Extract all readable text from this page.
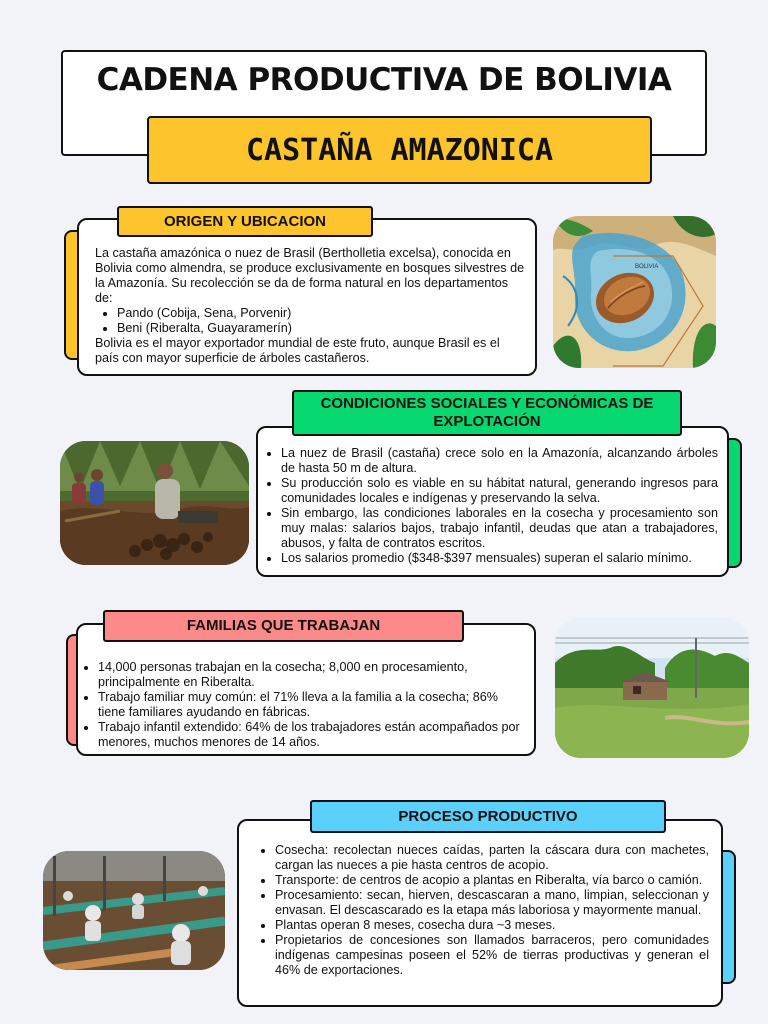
CADENA PRODUCTIVA DE BOLIVIA
CASTAÑA AMAZONICA
ORIGEN Y UBICACION

La castaña amazónica o nuez de Brasil (Bertholletia excelsa), conocida en Bolivia como almendra, se produce exclusivamente en bosques silvestres de la Amazonía. Su recolección se da de forma natural en los departamentos de:

• Pando (Cobija, Sena, Porvenir)
• Beni (Riberalta, Guayaramerín)

Bolivia es el mayor exportador mundial de este fruto, aunque Brasil es el país con mayor superficie de árboles castañeros.

BOLIVIA
CONDICIONES SOCIALES Y ECONÓMICAS DE EXPLOTACIÓN
• La nuez de Brasil (castaña) crece solo en la Amazonía, alcanzando árboles de hasta 50 m de altura.
• Su producción solo es viable en su hábitat natural, generando ingresos para comunidades locales e indígenas y preservando la selva.
• Sin embargo, las condiciones laborales en la cosecha y procesamiento son muy malas: salarios bajos, trabajo infantil, deudas que atan a trabajadores, abusos, y falta de contratos escritos.
• Los salarios promedio ($348-$397 mensuales) superan el salario mínimo.
FAMILIAS QUE TRABAJAN
• 14,000 personas trabajan en la cosecha; 8,000 en procesamiento, principalmente en Riberalta.
• Trabajo familiar muy común: el 71% lleva a la familia a la cosecha; 86% tiene familiares ayudando en fábricas.
• Trabajo infantil extendido: 64% de los trabajadores están acompañados por menores, muchos menores de 14 años.
PROCESO PRODUCTIVO
• Cosecha: recolectan nueces caídas, parten la cáscara dura con machetes, cargan las nueces a pie hasta centros de acopio.
• Transporte: de centros de acopio a plantas en Riberalta, vía barco o camión.
• Procesamiento: secan, hierven, descascaran a mano, limpian, seleccionan y envasan. El descascarado es la etapa más laboriosa y mayormente manual.
• Plantas operan 8 meses, cosecha dura ~3 meses.
• Propietarios de concesiones son llamados barraceros, pero comunidades indígenas campesinas poseen el 52% de tierras productivas y generan el 46% de exportaciones.
